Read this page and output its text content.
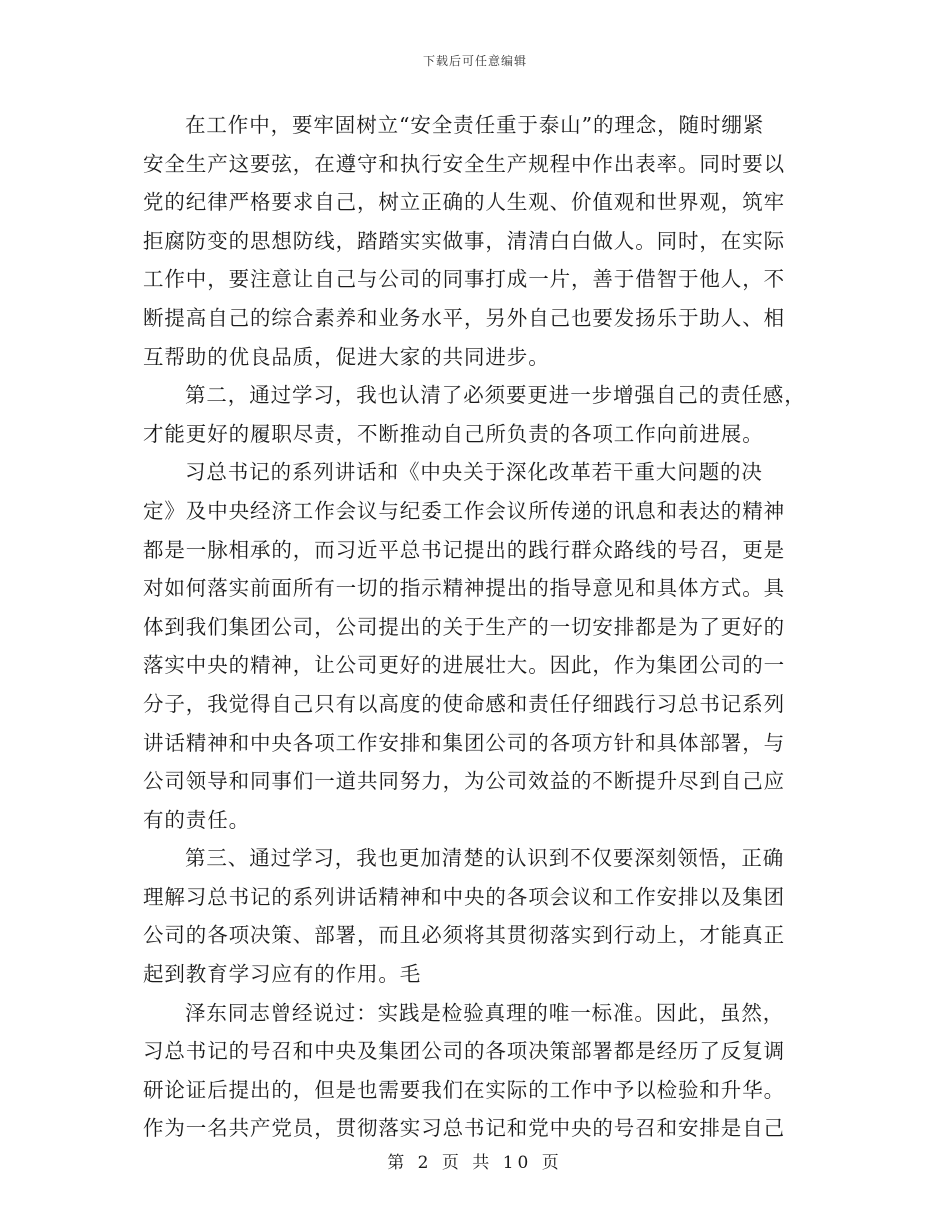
下载后可任意编辑
在工作中，要牢固树立“安全责任重于泰山”的理念，随时绷紧
安全生产这要弦，在遵守和执行安全生产规程中作出表率。同时要以
党的纪律严格要求自己，树立正确的人生观、价值观和世界观，筑牢
拒腐防变的思想防线，踏踏实实做事，清清白白做人。同时，在实际
工作中，要注意让自己与公司的同事打成一片，善于借智于他人，不
断提高自己的综合素养和业务水平，另外自己也要发扬乐于助人、相
互帮助的优良品质，促进大家的共同进步。
第二，通过学习，我也认清了必须要更进一步增强自己的责任感，
才能更好的履职尽责，不断推动自己所负责的各项工作向前进展。
习总书记的系列讲话和《中央关于深化改革若干重大问题的决
定》及中央经济工作会议与纪委工作会议所传递的讯息和表达的精神
都是一脉相承的，而习近平总书记提出的践行群众路线的号召，更是
对如何落实前面所有一切的指示精神提出的指导意见和具体方式。具
体到我们集团公司，公司提出的关于生产的一切安排都是为了更好的
落实中央的精神，让公司更好的进展壮大。因此，作为集团公司的一
分子，我觉得自己只有以高度的使命感和责任仔细践行习总书记系列
讲话精神和中央各项工作安排和集团公司的各项方针和具体部署，与
公司领导和同事们一道共同努力，为公司效益的不断提升尽到自己应
有的责任。
第三、通过学习，我也更加清楚的认识到不仅要深刻领悟，正确
理解习总书记的系列讲话精神和中央的各项会议和工作安排以及集团
公司的各项决策、部署，而且必须将其贯彻落实到行动上，才能真正
起到教育学习应有的作用。毛
泽东同志曾经说过：实践是检验真理的唯一标准。因此，虽然，
习总书记的号召和中央及集团公司的各项决策部署都是经历了反复调
研论证后提出的，但是也需要我们在实际的工作中予以检验和升华。
作为一名共产党员，贯彻落实习总书记和党中央的号召和安排是自己
第 2 页 共 10 页
